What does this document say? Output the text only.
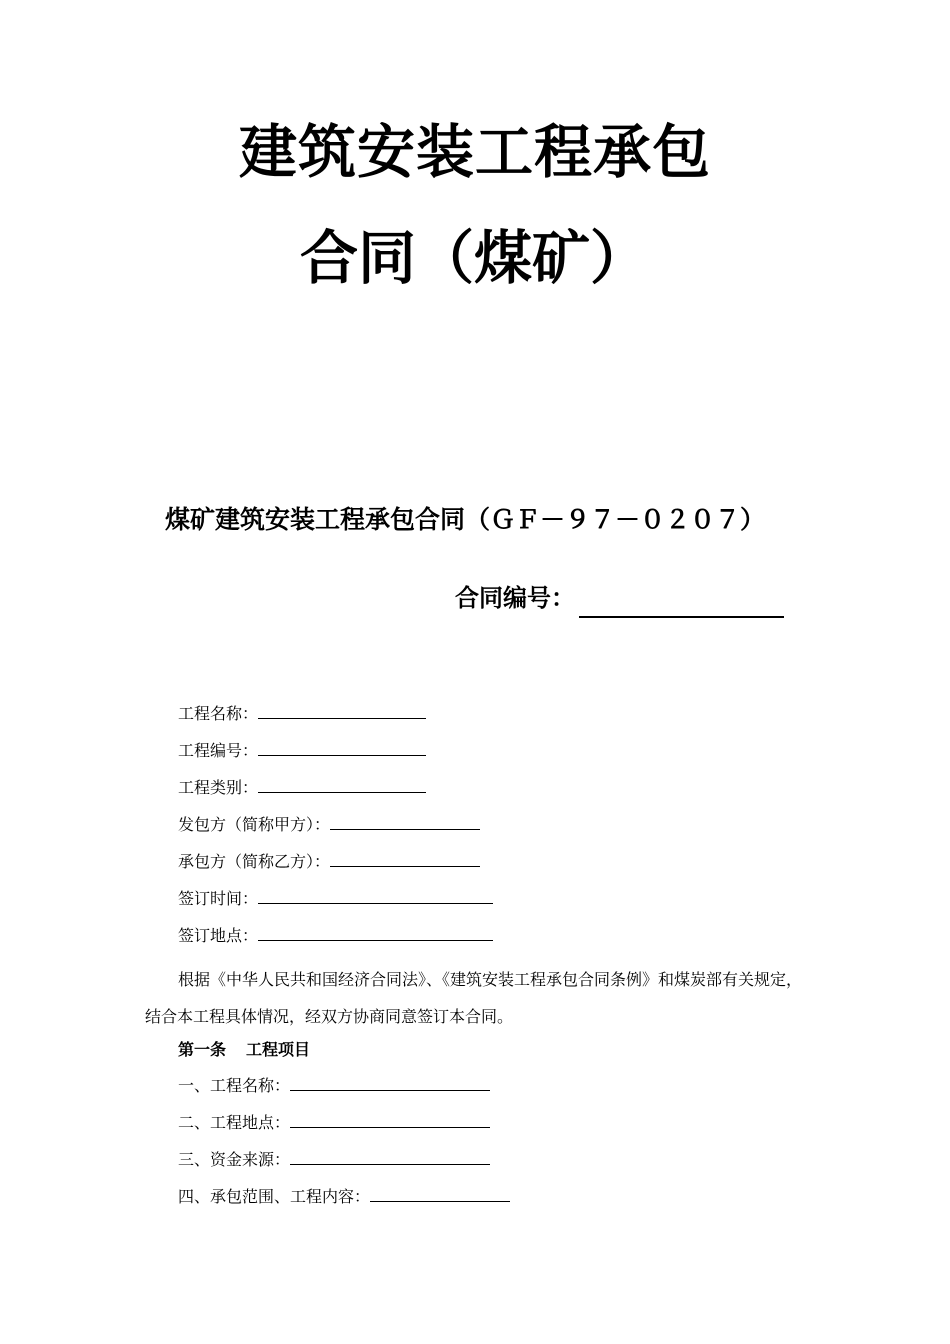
建筑安装工程承包
合同（煤矿）
煤矿建筑安装工程承包合同（ＧＦ－９７－０２０７）
合同编号：
工程名称：
工程编号：
工程类别：
发包方（简称甲方）：
承包方（简称乙方）：
签订时间：
签订地点：
根据《中华人民共和国经济合同法》、《建筑安装工程承包合同条例》和煤炭部有关规定，结合本工程具体情况，经双方协商同意签订本合同。
第一条 工程项目
一、工程名称：
二、工程地点：
三、资金来源：
四、承包范围、工程内容：
